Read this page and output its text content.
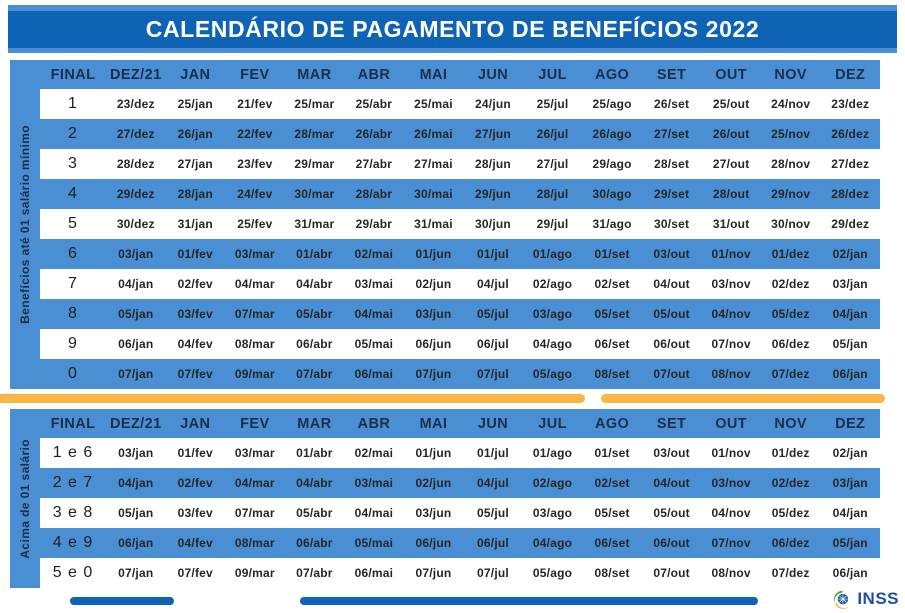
CALENDÁRIO DE PAGAMENTO DE BENEFÍCIOS 2022
Benefícios até 01 salário mínimo
FINAL	DEZ/21	JAN	FEV	MAR	ABR	MAI	JUN	JUL	AGO	SET	OUT	NOV	DEZ
1	23/dez	25/jan	21/fev	25/mar	25/abr	25/mai	24/jun	25/jul	25/ago	26/set	25/out	24/nov	23/dez
2	27/dez	26/jan	22/fev	28/mar	26/abr	26/mai	27/jun	26/jul	26/ago	27/set	26/out	25/nov	26/dez
3	28/dez	27/jan	23/fev	29/mar	27/abr	27/mai	28/jun	27/jul	29/ago	28/set	27/out	28/nov	27/dez
4	29/dez	28/jan	24/fev	30/mar	28/abr	30/mai	29/jun	28/jul	30/ago	29/set	28/out	29/nov	28/dez
5	30/dez	31/jan	25/fev	31/mar	29/abr	31/mai	30/jun	29/jul	31/ago	30/set	31/out	30/nov	29/dez
6	03/jan	01/fev	03/mar	01/abr	02/mai	01/jun	01/jul	01/ago	01/set	03/out	01/nov	01/dez	02/jan
7	04/jan	02/fev	04/mar	04/abr	03/mai	02/jun	04/jul	02/ago	02/set	04/out	03/nov	02/dez	03/jan
8	05/jan	03/fev	07/mar	05/abr	04/mai	03/jun	05/jul	03/ago	05/set	05/out	04/nov	05/dez	04/jan
9	06/jan	04/fev	08/mar	06/abr	05/mai	06/jun	06/jul	04/ago	06/set	06/out	07/nov	06/dez	05/jan
0	07/jan	07/fev	09/mar	07/abr	06/mai	07/jun	07/jul	05/ago	08/set	07/out	08/nov	07/dez	06/jan
Acima de 01 salário
FINAL	DEZ/21	JAN	FEV	MAR	ABR	MAI	JUN	JUL	AGO	SET	OUT	NOV	DEZ
1 e 6	03/jan	01/fev	03/mar	01/abr	02/mai	01/jun	01/jul	01/ago	01/set	03/out	01/nov	01/dez	02/jan
2 e 7	04/jan	02/fev	04/mar	04/abr	03/mai	02/jun	04/jul	02/ago	02/set	04/out	03/nov	02/dez	03/jan
3 e 8	05/jan	03/fev	07/mar	05/abr	04/mai	03/jun	05/jul	03/ago	05/set	05/out	04/nov	05/dez	04/jan
4 e 9	06/jan	04/fev	08/mar	06/abr	05/mai	06/jun	06/jul	04/ago	06/set	06/out	07/nov	06/dez	05/jan
5 e 0	07/jan	07/fev	09/mar	07/abr	06/mai	07/jun	07/jul	05/ago	08/set	07/out	08/nov	07/dez	06/jan
INSS
